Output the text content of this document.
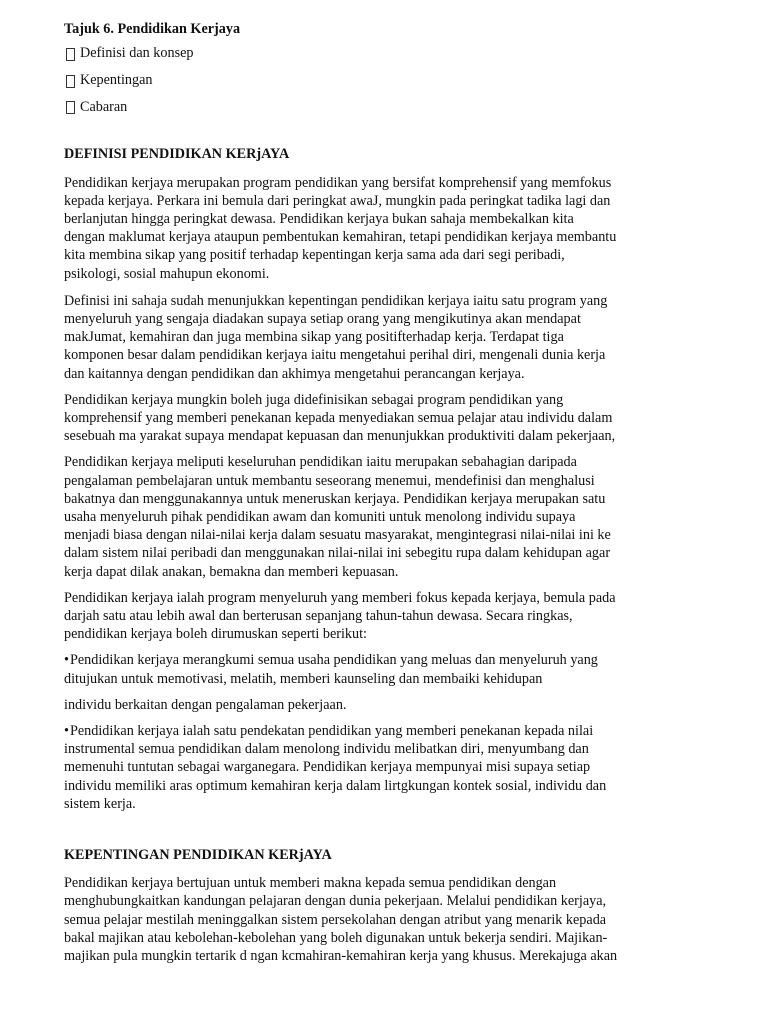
Tajuk 6. Pendidikan Kerjaya
Definisi dan konsep
Kepentingan
Cabaran
DEFINISI PENDIDIKAN KERjAYA

Pendidikan kerjaya merupakan program pendidikan yang bersifat komprehensif yang memfokus
kepada kerjaya. Perkara ini bemula dari peringkat awaJ, mungkin pada peringkat tadika lagi dan
berlanjutan hingga peringkat dewasa. Pendidikan kerjaya bukan sahaja membekalkan kita
dengan maklumat kerjaya ataupun pembentukan kemahiran, tetapi pendidikan kerjaya membantu
kita membina sikap yang positif terhadap kepentingan kerja sama ada dari segi peribadi,
psikologi, sosial mahupun ekonomi.

Definisi ini sahaja sudah menunjukkan kepentingan pendidikan kerjaya iaitu satu program yang
menyeluruh yang sengaja diadakan supaya setiap orang yang mengikutinya akan mendapat
makJumat, kemahiran dan juga membina sikap yang positifterhadap kerja. Terdapat tiga
komponen besar dalam pendidikan kerjaya iaitu mengetahui perihal diri, mengenali dunia kerja
dan kaitannya dengan pendidikan dan akhimya mengetahui perancangan kerjaya.

Pendidikan kerjaya mungkin boleh juga didefinisikan sebagai program pendidikan yang
komprehensif yang memberi penekanan kepada menyediakan semua pelajar atau individu dalam
sesebuah ma yarakat supaya mendapat kepuasan dan menunjukkan produktiviti dalam pekerjaan,

Pendidikan kerjaya meliputi keseluruhan pendidikan iaitu merupakan sebahagian daripada
pengalaman pembelajaran untuk membantu seseorang menemui, mendefinisi dan menghalusi
bakatnya dan menggunakannya untuk meneruskan kerjaya. Pendidikan kerjaya merupakan satu
usaha menyeluruh pihak pendidikan awam dan komuniti untuk menolong individu supaya
menjadi biasa dengan nilai-nilai kerja dalam sesuatu masyarakat, mengintegrasi nilai-nilai ini ke
dalam sistem nilai peribadi dan menggunakan nilai-nilai ini sebegitu rupa dalam kehidupan agar
kerja dapat dilak anakan, bemakna dan memberi kepuasan.

Pendidikan kerjaya ialah program menyeluruh yang memberi fokus kepada kerjaya, bemula pada
darjah satu atau lebih awal dan berterusan sepanjang tahun-tahun dewasa. Secara ringkas,
pendidikan kerjaya boleh dirumuskan seperti berikut:

•Pendidikan kerjaya merangkumi semua usaha pendidikan yang meluas dan menyeluruh yang
ditujukan untuk memotivasi, melatih, memberi kaunseling dan membaiki kehidupan

individu berkaitan dengan pengalaman pekerjaan.

•Pendidikan kerjaya ialah satu pendekatan pendidikan yang memberi penekanan kepada nilai
instrumental semua pendidikan dalam menolong individu melibatkan diri, menyumbang dan
memenuhi tuntutan sebagai warganegara. Pendidikan kerjaya mempunyai misi supaya setiap
individu memiliki aras optimum kemahiran kerja dalam lirtgkungan kontek sosial, individu dan
sistem kerja.
KEPENTINGAN PENDIDIKAN KERjAYA

Pendidikan kerjaya bertujuan untuk memberi makna kepada semua pendidikan dengan
menghubungkaitkan kandungan pelajaran dengan dunia pekerjaan. Melalui pendidikan kerjaya,
semua pelajar mestilah meninggalkan sistem persekolahan dengan atribut yang menarik kepada
bakal majikan atau kebolehan-kebolehan yang boleh digunakan untuk bekerja sendiri. Majikan-
majikan pula mungkin tertarik d ngan kcmahiran-kemahiran kerja yang khusus. Merekajuga akan
